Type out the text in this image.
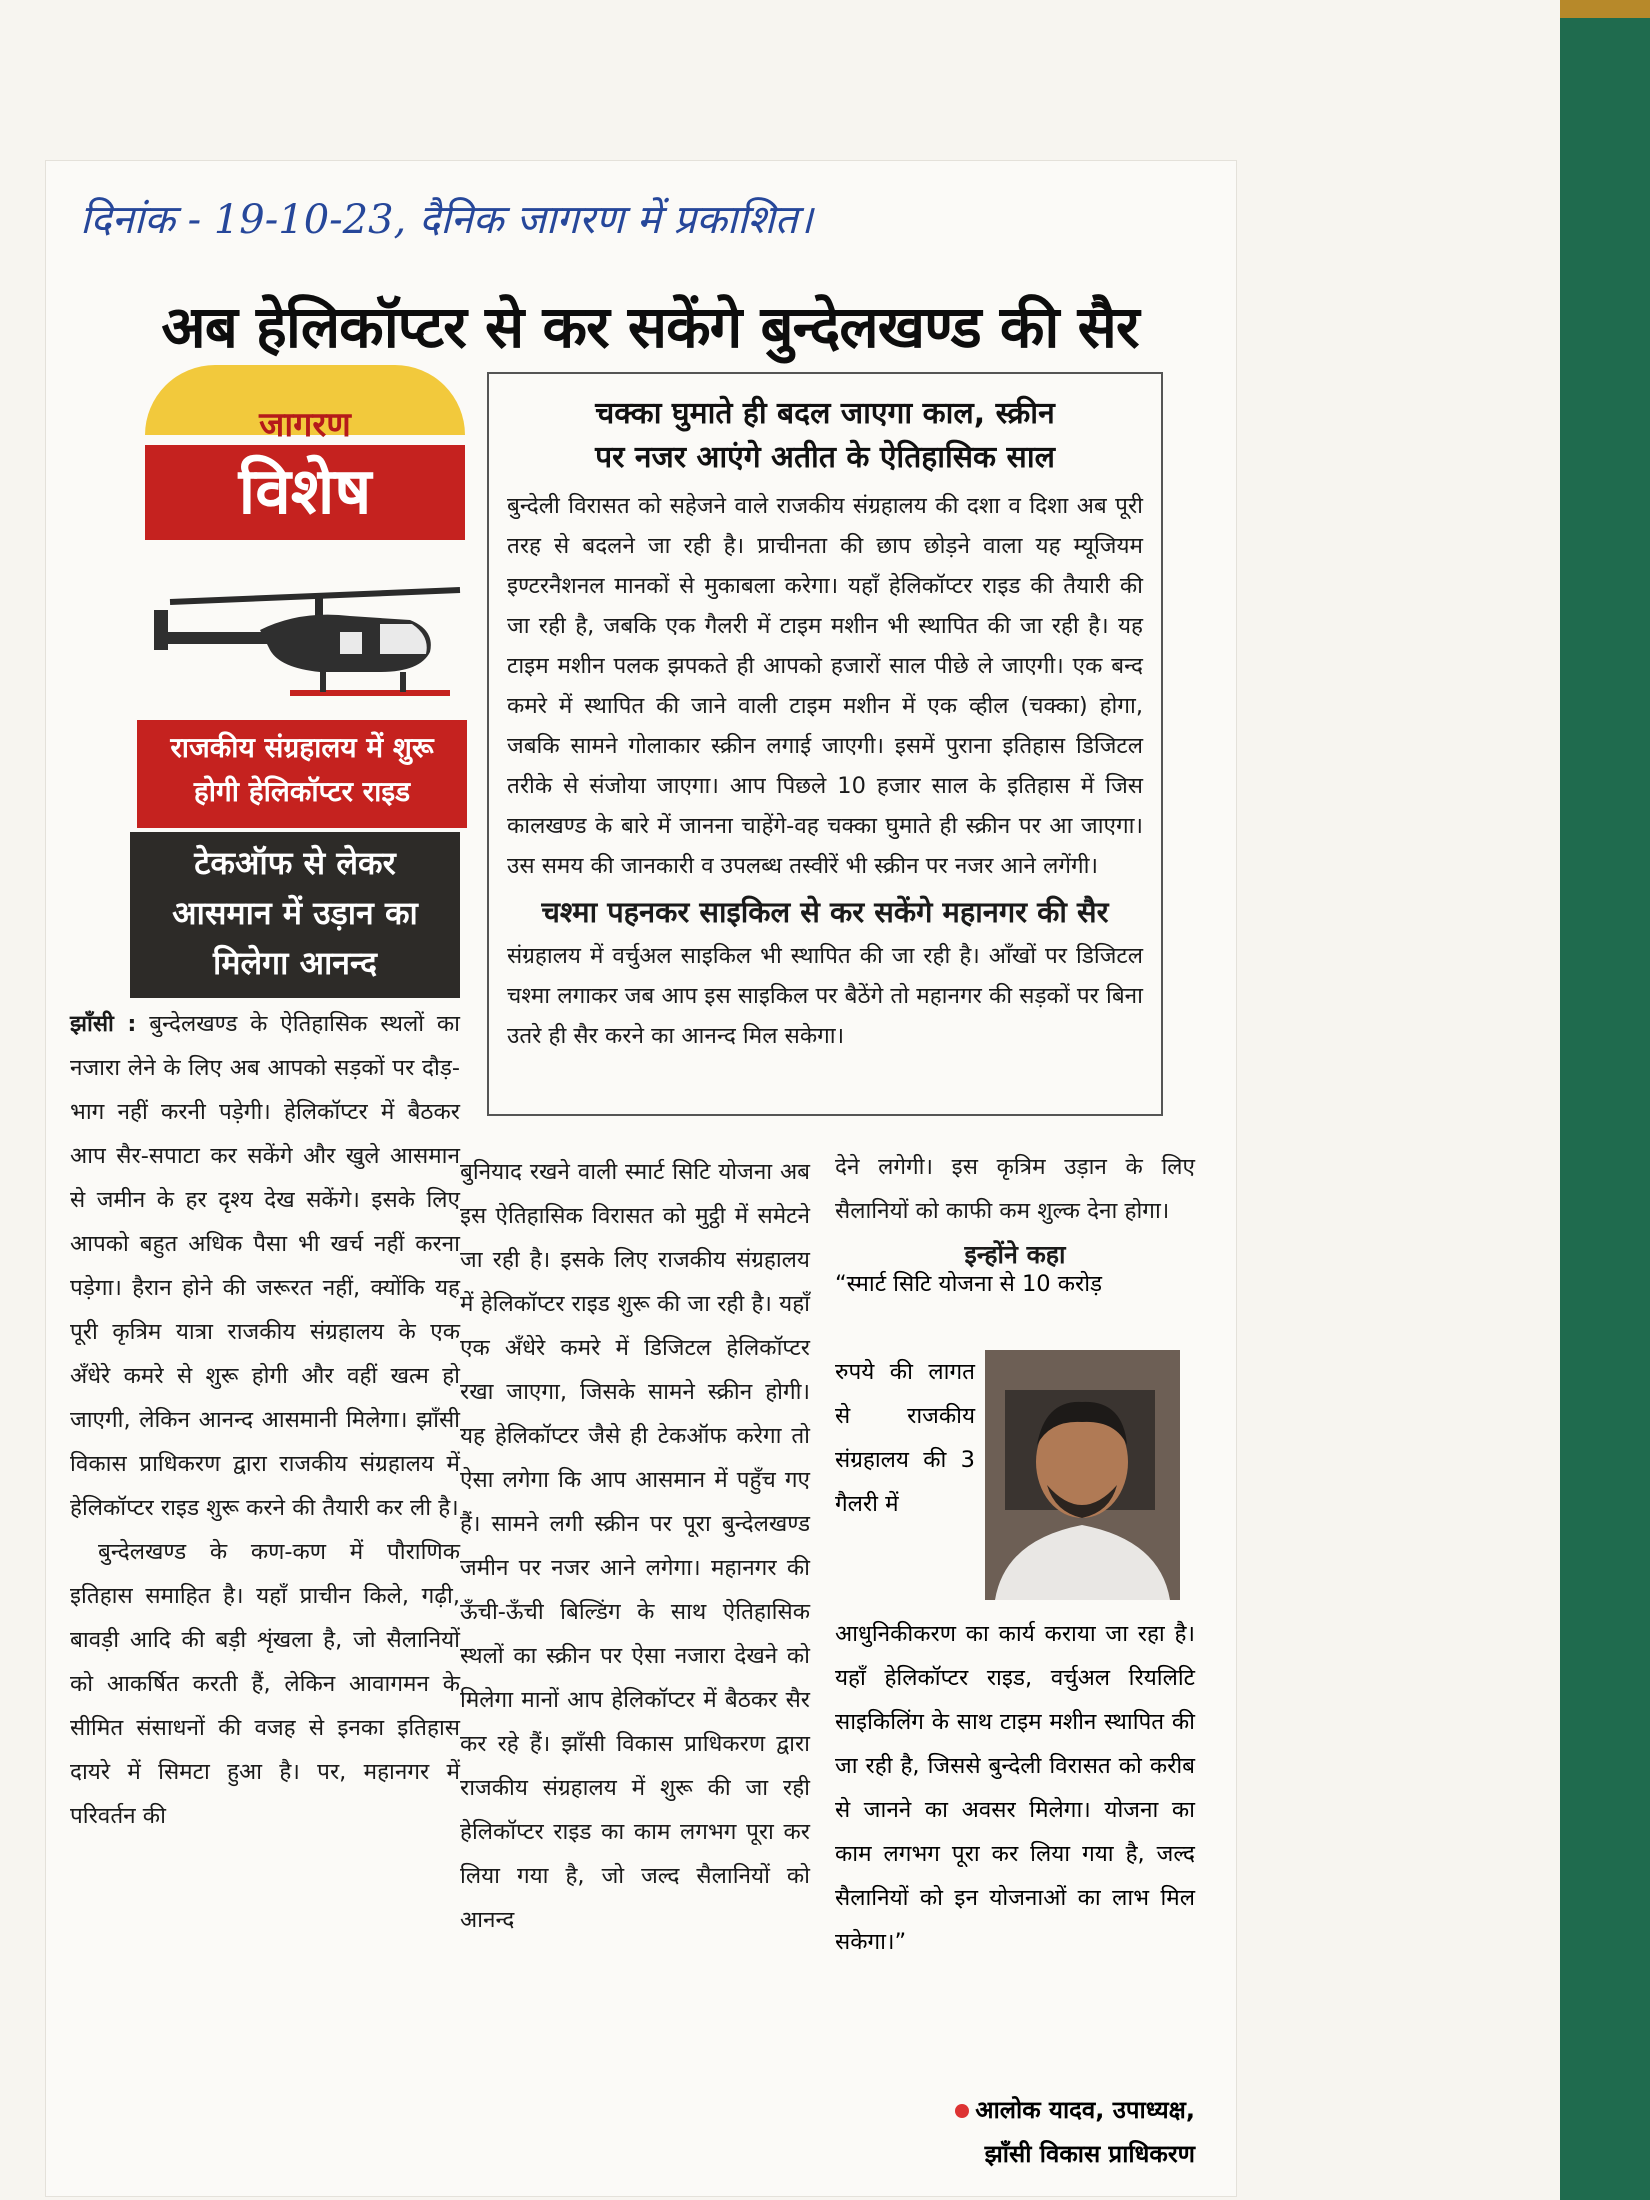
दिनांक - 19-10-23, दैनिक जागरण में प्रकाशित।
अब हेलिकॉप्टर से कर सकेंगे बुन्देलखण्ड की सैर
जागरण
विशेष
राजकीय संग्रहालय में शुरू
होगी हेलिकॉप्टर राइड
टेकऑफ से लेकर
आसमान में उड़ान का
मिलेगा आनन्द
चक्का घुमाते ही बदल जाएगा काल, स्क्रीन
पर नजर आएंगे अतीत के ऐतिहासिक साल
बुन्देली विरासत को सहेजने वाले राजकीय संग्रहालय की दशा व दिशा अब पूरी तरह से बदलने जा रही है। प्राचीनता की छाप छोड़ने वाला यह म्यूजियम इण्टरनैशनल मानकों से मुकाबला करेगा। यहाँ हेलिकॉप्टर राइड की तैयारी की जा रही है, जबकि एक गैलरी में टाइम मशीन भी स्थापित की जा रही है। यह टाइम मशीन पलक झपकते ही आपको हजारों साल पीछे ले जाएगी। एक बन्द कमरे में स्थापित की जाने वाली टाइम मशीन में एक व्हील (चक्का) होगा, जबकि सामने गोलाकार स्क्रीन लगाई जाएगी। इसमें पुराना इतिहास डिजिटल तरीके से संजोया जाएगा। आप पिछले 10 हजार साल के इतिहास में जिस कालखण्ड के बारे में जानना चाहेंगे-वह चक्का घुमाते ही स्क्रीन पर आ जाएगा। उस समय की जानकारी व उपलब्ध तस्वीरें भी स्क्रीन पर नजर आने लगेंगी।
चश्मा पहनकर साइकिल से कर सकेंगे महानगर की सैर
संग्रहालय में वर्चुअल साइकिल भी स्थापित की जा रही है। आँखों पर डिजिटल चश्मा लगाकर जब आप इस साइकिल पर बैठेंगे तो महानगर की सड़कों पर बिना उतरे ही सैर करने का आनन्द मिल सकेगा।
झाँसी : बुन्देलखण्ड के ऐतिहासिक स्थलों का नजारा लेने के लिए अब आपको सड़कों पर दौड़-भाग नहीं करनी पड़ेगी। हेलिकॉप्टर में बैठकर आप सैर-सपाटा कर सकेंगे और खुले आसमान से जमीन के हर दृश्य देख सकेंगे। इसके लिए आपको बहुत अधिक पैसा भी खर्च नहीं करना पड़ेगा। हैरान होने की जरूरत नहीं, क्योंकि यह पूरी कृत्रिम यात्रा राजकीय संग्रहालय के एक अँधेरे कमरे से शुरू होगी और वहीं खत्म हो जाएगी, लेकिन आनन्द आसमानी मिलेगा। झाँसी विकास प्राधिकरण द्वारा राजकीय संग्रहालय में हेलिकॉप्टर राइड शुरू करने की तैयारी कर ली है।
बुन्देलखण्ड के कण-कण में पौराणिक इतिहास समाहित है। यहाँ प्राचीन किले, गढ़ी, बावड़ी आदि की बड़ी शृंखला है, जो सैलानियों को आकर्षित करती हैं, लेकिन आवागमन के सीमित संसाधनों की वजह से इनका इतिहास दायरे में सिमटा हुआ है। पर, महानगर में परिवर्तन की
बुनियाद रखने वाली स्मार्ट सिटि योजना अब इस ऐतिहासिक विरासत को मुट्ठी में समेटने जा रही है। इसके लिए राजकीय संग्रहालय में हेलिकॉप्टर राइड शुरू की जा रही है। यहाँ एक अँधेरे कमरे में डिजिटल हेलिकॉप्टर रखा जाएगा, जिसके सामने स्क्रीन होगी। यह हेलिकॉप्टर जैसे ही टेकऑफ करेगा तो ऐसा लगेगा कि आप आसमान में पहुँच गए हैं। सामने लगी स्क्रीन पर पूरा बुन्देलखण्ड जमीन पर नजर आने लगेगा। महानगर की ऊँची-ऊँची बिल्डिंग के साथ ऐतिहासिक स्थलों का स्क्रीन पर ऐसा नजारा देखने को मिलेगा मानों आप हेलिकॉप्टर में बैठकर सैर कर रहे हैं। झाँसी विकास प्राधिकरण द्वारा राजकीय संग्रहालय में शुरू की जा रही हेलिकॉप्टर राइड का काम लगभग पूरा कर लिया गया है, जो जल्द सैलानियों को आनन्द
देने लगेगी। इस कृत्रिम उड़ान के लिए सैलानियों को काफी कम शुल्क देना होगा।
इन्होंने कहा
“स्मार्ट सिटि योजना से 10 करोड़
रुपये की लागत से राजकीय संग्रहालय की 3 गैलरी में
आधुनिकीकरण का कार्य कराया जा रहा है। यहाँ हेलिकॉप्टर राइड, वर्चुअल रियलिटि साइकिलिंग के साथ टाइम मशीन स्थापित की जा रही है, जिससे बुन्देली विरासत को करीब से जानने का अवसर मिलेगा। योजना का काम लगभग पूरा कर लिया गया है, जल्द सैलानियों को इन योजनाओं का लाभ मिल सकेगा।”
आलोक यादव, उपाध्यक्ष,
झाँसी विकास प्राधिकरण
